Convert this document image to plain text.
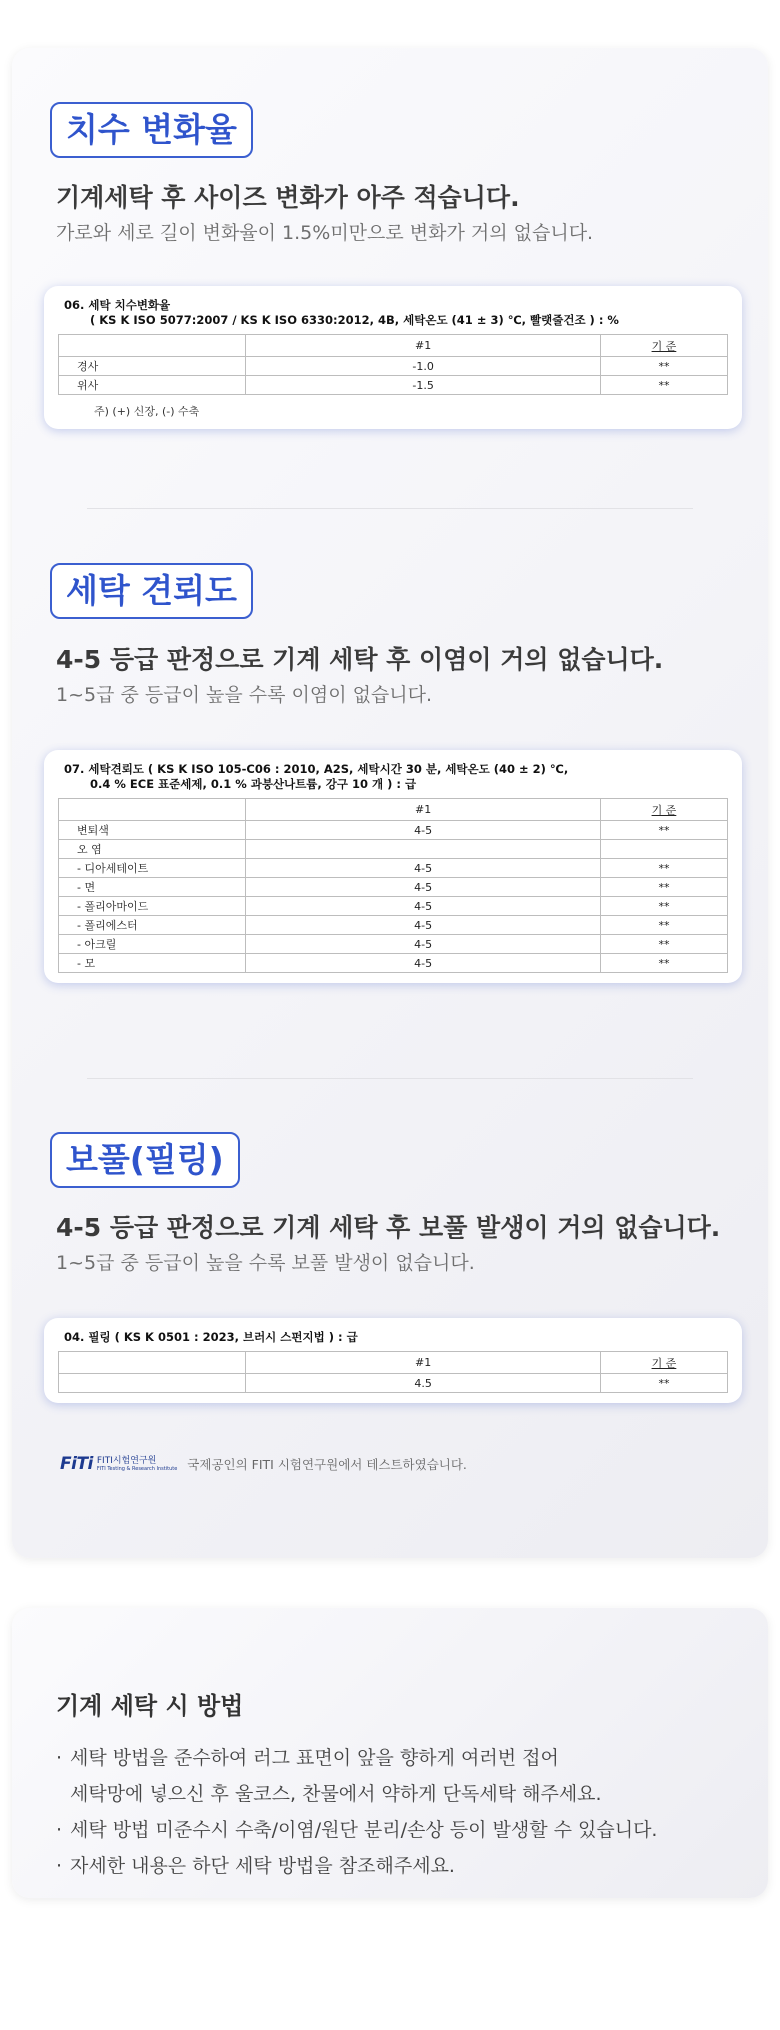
치수 변화율
기계세탁 후 사이즈 변화가 아주 적습니다.
가로와 세로 길이 변화율이 1.5%미만으로 변화가 거의 없습니다.
06. 세탁 치수변화율
( KS K ISO 5077:2007 / KS K ISO 6330:2012, 4B, 세탁온도 (41 ± 3) ℃, 빨랫줄건조 ) : %
	#1	기 준
경사	-1.0	**
위사	-1.5	**
주) (+) 신장, (-) 수축
세탁 견뢰도
4-5 등급 판정으로 기계 세탁 후 이염이 거의 없습니다.
1~5급 중 등급이 높을 수록 이염이 없습니다.
07. 세탁견뢰도 ( KS K ISO 105-C06 : 2010, A2S, 세탁시간 30 분, 세탁온도 (40 ± 2) ℃,
0.4 % ECE 표준세제, 0.1 % 과붕산나트륨, 강구 10 개 ) : 급
	#1	기 준
변퇴색	4-5	**
오 염		
- 디아세테이트	4-5	**
- 면	4-5	**
- 폴리아마이드	4-5	**
- 폴리에스터	4-5	**
- 아크릴	4-5	**
- 모	4-5	**
보풀(필링)
4-5 등급 판정으로 기계 세탁 후 보풀 발생이 거의 없습니다.
1~5급 중 등급이 높을 수록 보풀 발생이 없습니다.
04. 필링 ( KS K 0501 : 2023, 브러시 스펀지법 ) : 급
	#1	기 준
	4.5	**
FiTi FITI시험연구원
FITI Testing & Research Institute 국제공인의 FITI 시험연구원에서 테스트하였습니다.
기계 세탁 시 방법
· 세탁 방법을 준수하여 러그 표면이 앞을 향하게 여러번 접어
세탁망에 넣으신 후 울코스, 찬물에서 약하게 단독세탁 해주세요.
· 세탁 방법 미준수시 수축/이염/원단 분리/손상 등이 발생할 수 있습니다.
· 자세한 내용은 하단 세탁 방법을 참조해주세요.
